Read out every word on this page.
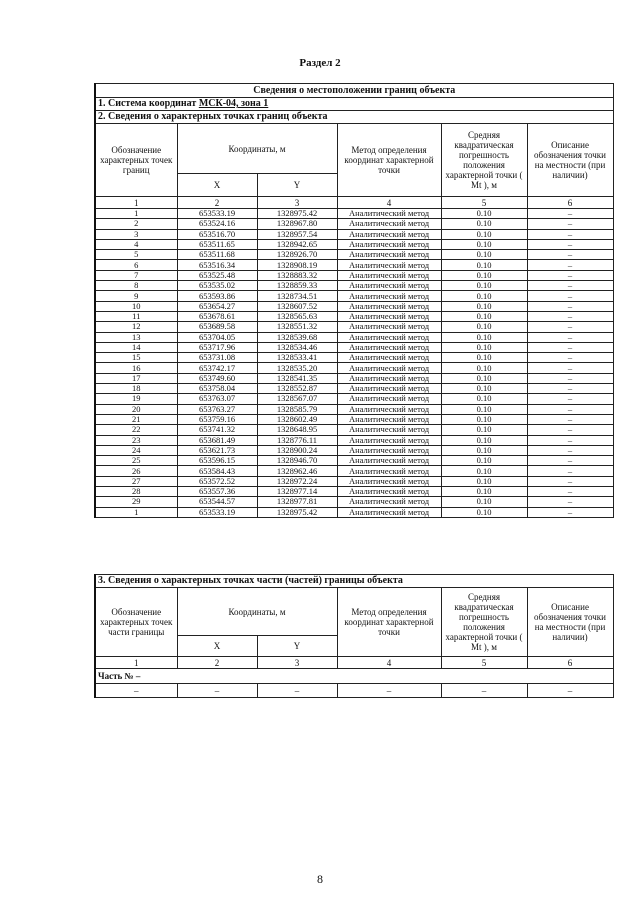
Раздел 2
Сведения о местоположении границ объекта					
1. Система координат МСК-04, зона 1					
2. Сведения о характерных точках границ объекта					
Обозначение характерных точек границ	Координаты, м		Метод определения координат характерной точки	Средняя квадратическая погрешность положения характерной точки ( Mt ), м	Описание обозначения точки на местности (при наличии)
	X	Y			
1	2	3	4	5	6
1	653533.19	1328975.42	Аналитический метод	0.10	–
2	653524.16	1328967.80	Аналитический метод	0.10	–
3	653516.70	1328957.54	Аналитический метод	0.10	–
4	653511.65	1328942.65	Аналитический метод	0.10	–
5	653511.68	1328926.70	Аналитический метод	0.10	–
6	653516.34	1328908.19	Аналитический метод	0.10	–
7	653525.48	1328883.32	Аналитический метод	0.10	–
8	653535.02	1328859.33	Аналитический метод	0.10	–
9	653593.86	1328734.51	Аналитический метод	0.10	–
10	653654.27	1328607.52	Аналитический метод	0.10	–
11	653678.61	1328565.63	Аналитический метод	0.10	–
12	653689.58	1328551.32	Аналитический метод	0.10	–
13	653704.05	1328539.68	Аналитический метод	0.10	–
14	653717.96	1328534.46	Аналитический метод	0.10	–
15	653731.08	1328533.41	Аналитический метод	0.10	–
16	653742.17	1328535.20	Аналитический метод	0.10	–
17	653749.60	1328541.35	Аналитический метод	0.10	–
18	653758.04	1328552.87	Аналитический метод	0.10	–
19	653763.07	1328567.07	Аналитический метод	0.10	–
20	653763.27	1328585.79	Аналитический метод	0.10	–
21	653759.16	1328602.49	Аналитический метод	0.10	–
22	653741.32	1328648.95	Аналитический метод	0.10	–
23	653681.49	1328776.11	Аналитический метод	0.10	–
24	653621.73	1328900.24	Аналитический метод	0.10	–
25	653596.15	1328946.70	Аналитический метод	0.10	–
26	653584.43	1328962.46	Аналитический метод	0.10	–
27	653572.52	1328972.24	Аналитический метод	0.10	–
28	653557.36	1328977.14	Аналитический метод	0.10	–
29	653544.57	1328977.81	Аналитический метод	0.10	–
1	653533.19	1328975.42	Аналитический метод	0.10	–
3. Сведения о характерных точках части (частей) границы объекта					
Обозначение характерных точек части границы	Координаты, м		Метод определения координат характерной точки	Средняя квадратическая погрешность положения характерной точки ( Mt ), м	Описание обозначения точки на местности (при наличии)
	X	Y			
1	2	3	4	5	6
Часть № –					
–	–	–	–	–	–
8
